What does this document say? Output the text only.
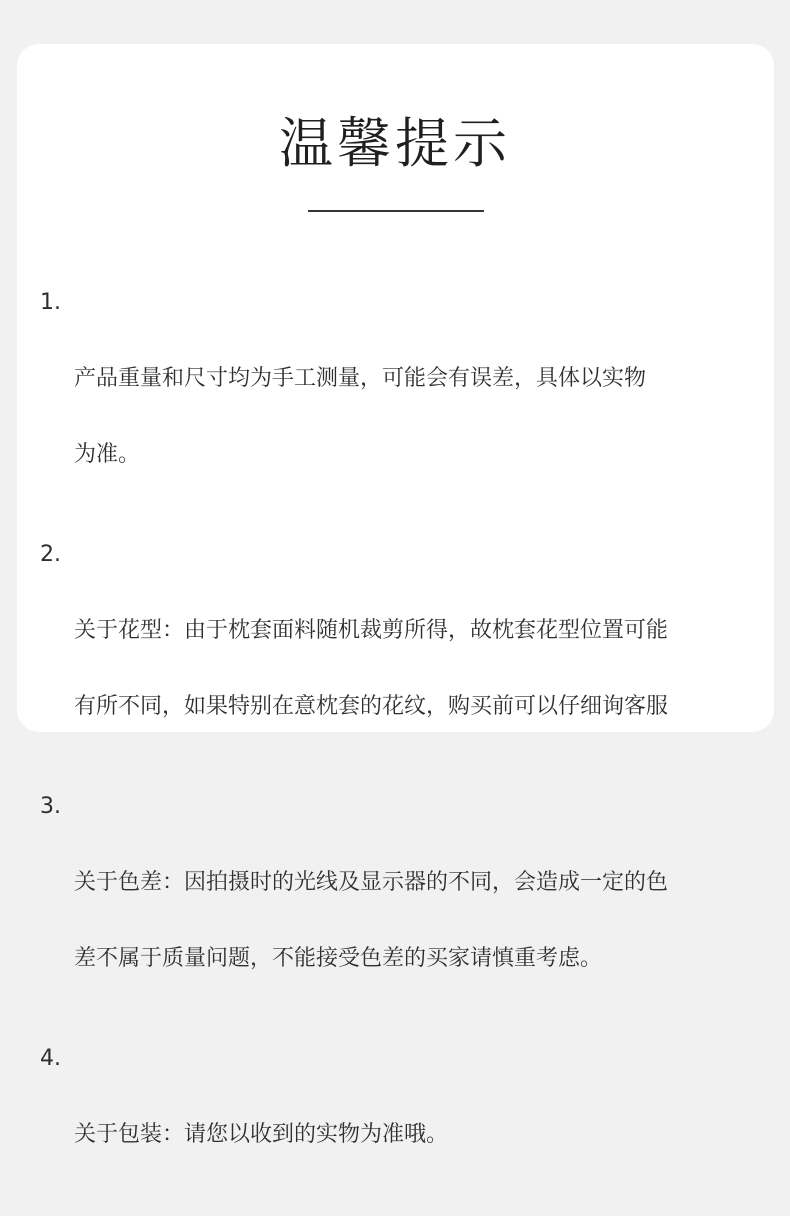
温馨提示

1.

产品重量和尺寸均为手工测量，可能会有误差，具体以实物

为准。

2.

关于花型：由于枕套面料随机裁剪所得，故枕套花型位置可能

有所不同，如果特别在意枕套的花纹，购买前可以仔细询客服

3.

关于色差：因拍摄时的光线及显示器的不同，会造成一定的色

差不属于质量问题，不能接受色差的买家请慎重考虑。

4.

关于包装：请您以收到的实物为准哦。
